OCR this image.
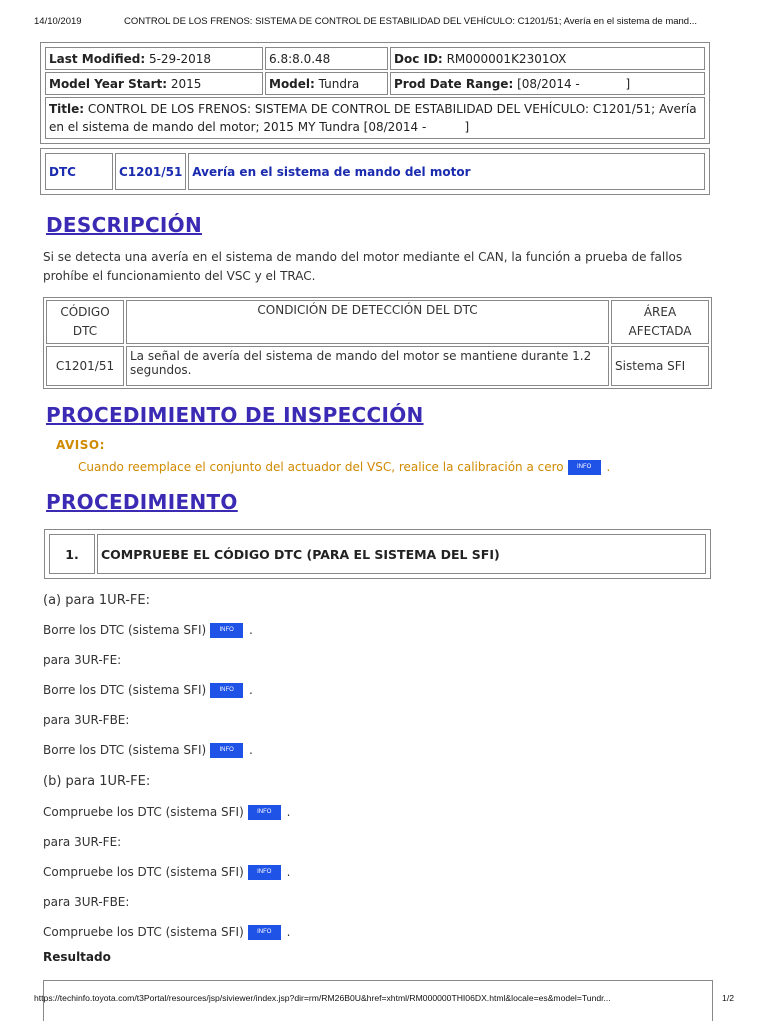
14/10/2019	CONTROL DE LOS FRENOS: SISTEMA DE CONTROL DE ESTABILIDAD DEL VEHÍCULO: C1201/51; Avería en el sistema de mand...
Last Modified: 5-29-2018	6.8:8.0.48	Doc ID: RM000001K2301OX
Model Year Start: 2015	Model: Tundra	Prod Date Range: [08/2014 -            ]
Title: CONTROL DE LOS FRENOS: SISTEMA DE CONTROL DE ESTABILIDAD DEL VEHÍCULO: C1201/51; Avería en el sistema de mando del motor; 2015 MY Tundra [08/2014 -          ]		
DTC	C1201/51	Avería en el sistema de mando del motor
DESCRIPCIÓN
Si se detecta una avería en el sistema de mando del motor mediante el CAN, la función a prueba de fallos prohíbe el funcionamiento del VSC y el TRAC.
CÓDIGO DTC	CONDICIÓN DE DETECCIÓN DEL DTC	ÁREA AFECTADA
C1201/51	La señal de avería del sistema de mando del motor se mantiene durante 1.2 segundos.	Sistema SFI
PROCEDIMIENTO DE INSPECCIÓN
AVISO:
Cuando reemplace el conjunto del actuador del VSC, realice la calibración a cero INFO .
PROCEDIMIENTO
1.	COMPRUEBE EL CÓDIGO DTC (PARA EL SISTEMA DEL SFI)
(a) para 1UR-FE:
Borre los DTC (sistema SFI) INFO .
para 3UR-FE:
Borre los DTC (sistema SFI) INFO .
para 3UR-FBE:
Borre los DTC (sistema SFI) INFO .
(b) para 1UR-FE:
Compruebe los DTC (sistema SFI) INFO .
para 3UR-FE:
Compruebe los DTC (sistema SFI) INFO .
para 3UR-FBE:
Compruebe los DTC (sistema SFI) INFO .
Resultado
https://techinfo.toyota.com/t3Portal/resources/jsp/siviewer/index.jsp?dir=rm/RM26B0U&href=xhtml/RM000000THI06DX.html&locale=es&model=Tundr...	1/2
